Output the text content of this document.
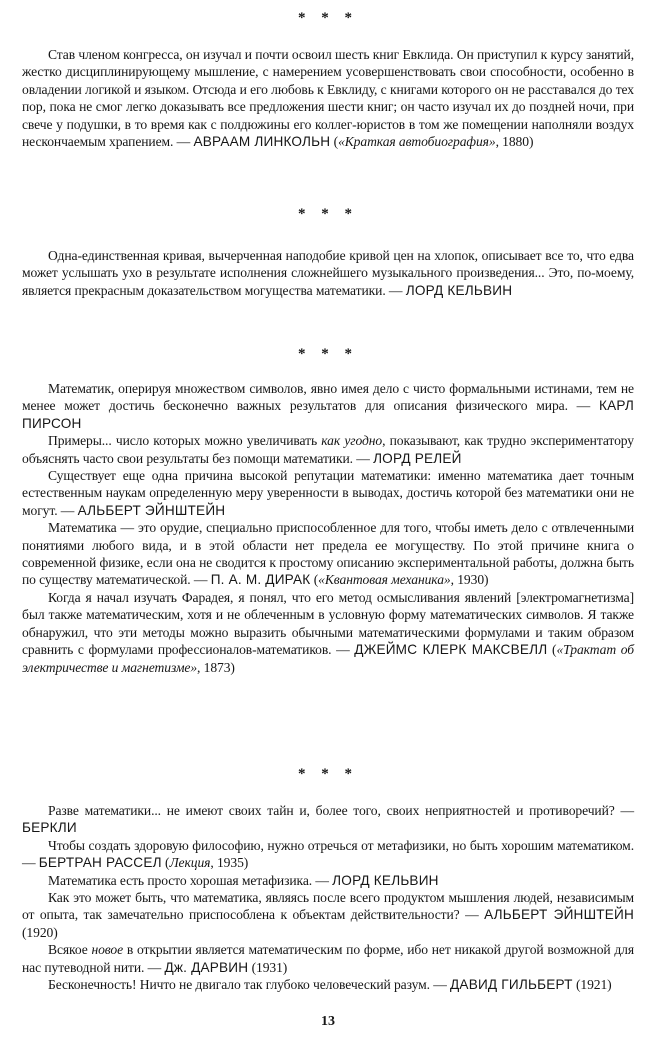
* * *

Став членом конгресса, он изучал и почти освоил шесть книг Евклида. Он приступил к курсу занятий, жестко дисциплинирующему мышление, с намерением усовершенствовать свои способности, особенно в овладении логикой и языком. Отсюда и его любовь к Евклиду, с книгами которого он не расставался до тех пор, пока не смог легко доказывать все предложения шести книг; он часто изучал их до поздней ночи, при свече у подушки, в то время как с полдюжины его коллег-юристов в том же помещении наполняли воздух нескончаемым храпением. — АВРААМ ЛИНКОЛЬН («Краткая автобиография», 1880)

* * *

Одна-единственная кривая, вычерченная наподобие кривой цен на хлопок, описывает все то, что едва может услышать ухо в результате исполнения сложнейшего музыкального произведения... Это, по-моему, является прекрасным доказательством могущества математики. — ЛОРД КЕЛЬВИН

* * *

Математик, оперируя множеством символов, явно имея дело с чисто формальными истинами, тем не менее может достичь бесконечно важных результатов для описания физического мира. — КАРЛ ПИРСОН

Примеры... число которых можно увеличивать как угодно, показывают, как трудно экспериментатору объяснять часто свои результаты без помощи математики. — ЛОРД РЕЛЕЙ

Существует еще одна причина высокой репутации математики: именно математика дает точным естественным наукам определенную меру уверенности в выводах, достичь которой без математики они не могут. — АЛЬБЕРТ ЭЙНШТЕЙН

Математика — это орудие, специально приспособленное для того, чтобы иметь дело с отвлеченными понятиями любого вида, и в этой области нет предела ее могуществу. По этой причине книга о современной физике, если она не сводится к простому описанию экспериментальной работы, должна быть по существу математической. — П. А. М. ДИРАК («Квантовая механика», 1930)

Когда я начал изучать Фарадея, я понял, что его метод осмысливания явлений [электромагнетизма] был также математическим, хотя и не облеченным в условную форму математических символов. Я также обнаружил, что эти методы можно выразить обычными математическими формулами и таким образом сравнить с формулами профессионалов-математиков. — ДЖЕЙМС КЛЕРК МАКСВЕЛЛ («Трактат об электричестве и магнетизме», 1873)

* * *

Разве математики... не имеют своих тайн и, более того, своих неприятностей и противоречий? — БЕРКЛИ

Чтобы создать здоровую философию, нужно отречься от метафизики, но быть хорошим математиком. — БЕРТРАН РАССЕЛ (Лекция, 1935)

Математика есть просто хорошая метафизика. — ЛОРД КЕЛЬВИН

Как это может быть, что математика, являясь после всего продуктом мышления людей, независимым от опыта, так замечательно приспособлена к объектам действительности? — АЛЬБЕРТ ЭЙНШТЕЙН (1920)

Всякое новое в открытии является математическим по форме, ибо нет никакой другой возможной для нас путеводной нити. — Дж. ДАРВИН (1931)

Бесконечность! Ничто не двигало так глубоко человеческий разум. — ДАВИД ГИЛЬБЕРТ (1921)

13
